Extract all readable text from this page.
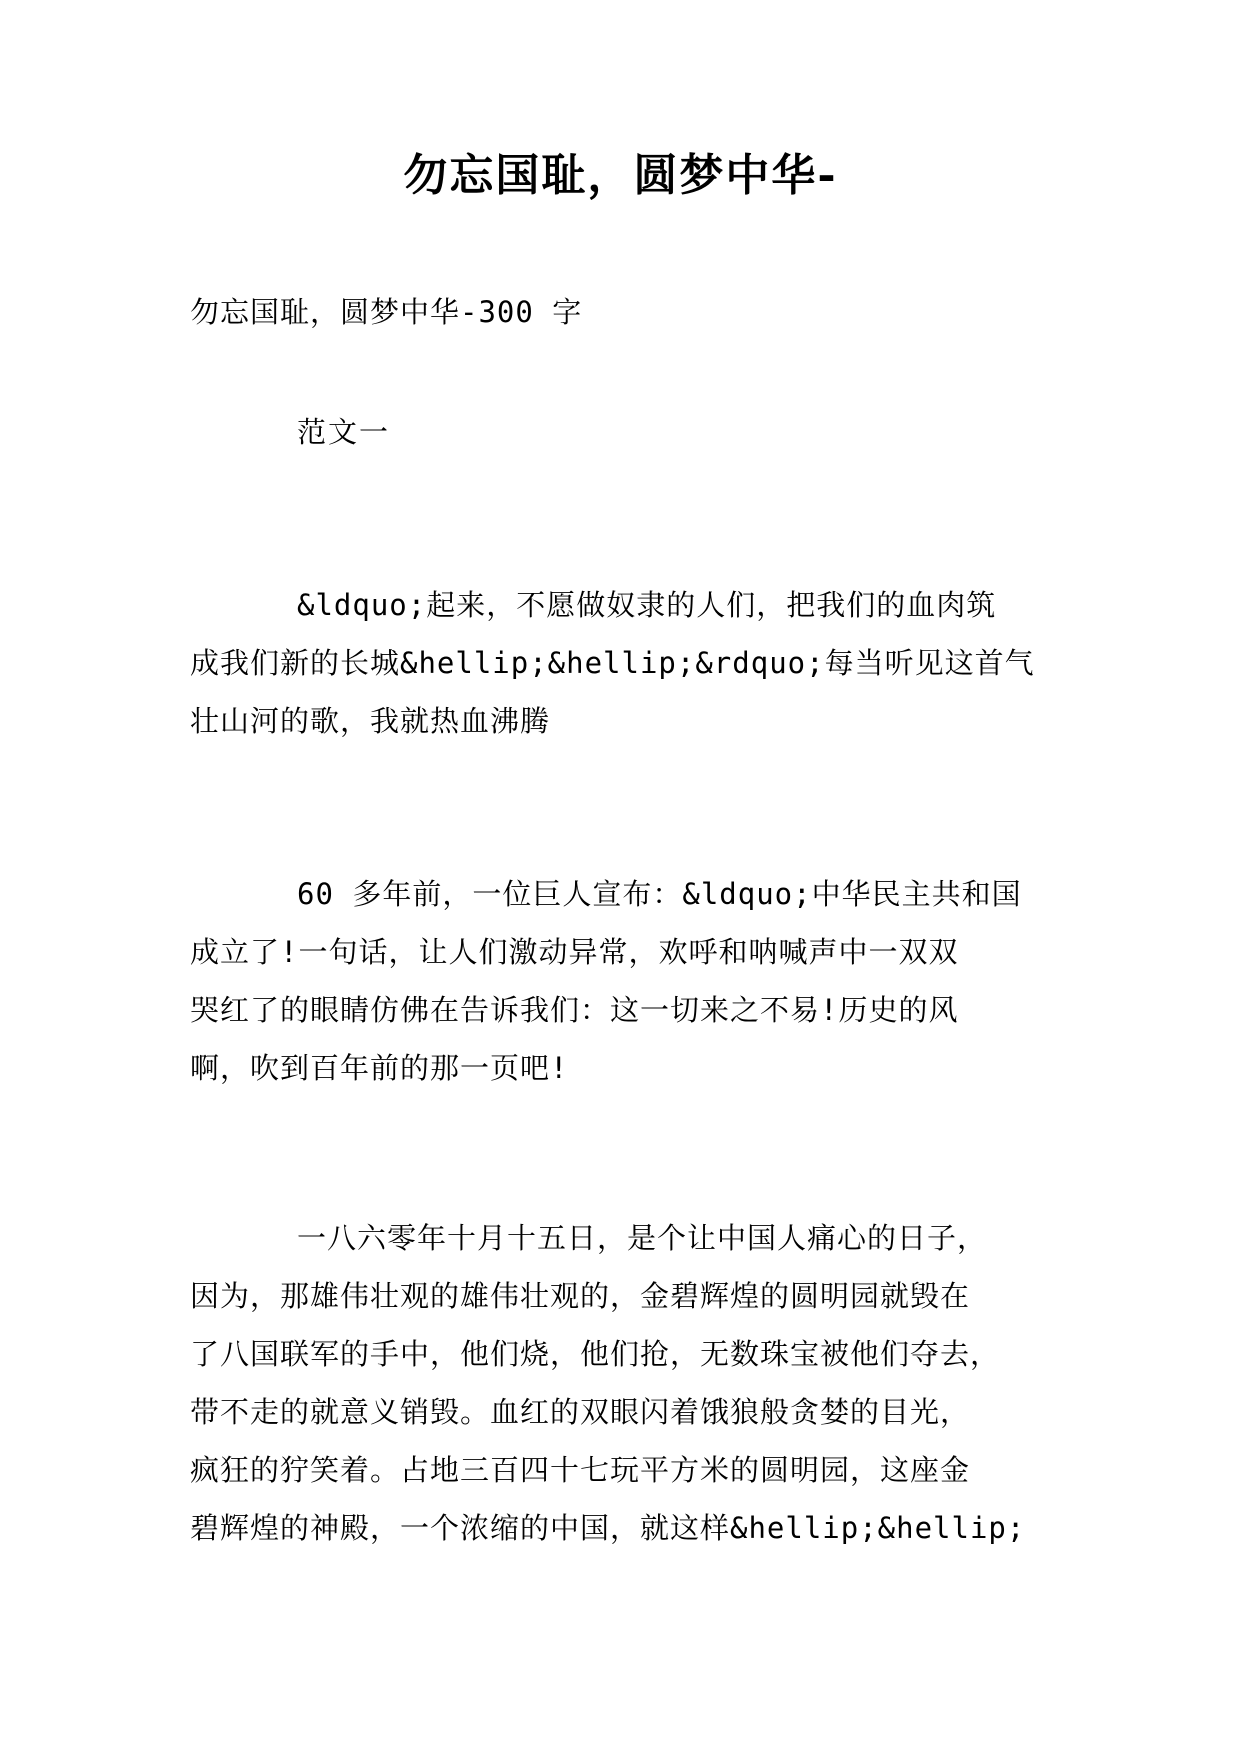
勿忘国耻，圆梦中华-
勿忘国耻，圆梦中华-300 字
范文一
&ldquo;起来，不愿做奴隶的人们，把我们的血肉筑
成我们新的长城&hellip;&hellip;&rdquo;每当听见这首气
壮山河的歌，我就热血沸腾
60 多年前，一位巨人宣布：&ldquo;中华民主共和国
成立了!一句话，让人们激动异常，欢呼和呐喊声中一双双
哭红了的眼睛仿佛在告诉我们：这一切来之不易!历史的风
啊，吹到百年前的那一页吧!
一八六零年十月十五日，是个让中国人痛心的日子，
因为，那雄伟壮观的雄伟壮观的，金碧辉煌的圆明园就毁在
了八国联军的手中，他们烧，他们抢，无数珠宝被他们夺去，
带不走的就意义销毁。血红的双眼闪着饿狼般贪婪的目光，
疯狂的狞笑着。占地三百四十七玩平方米的圆明园，这座金
碧辉煌的神殿，一个浓缩的中国，就这样&hellip;&hellip;
